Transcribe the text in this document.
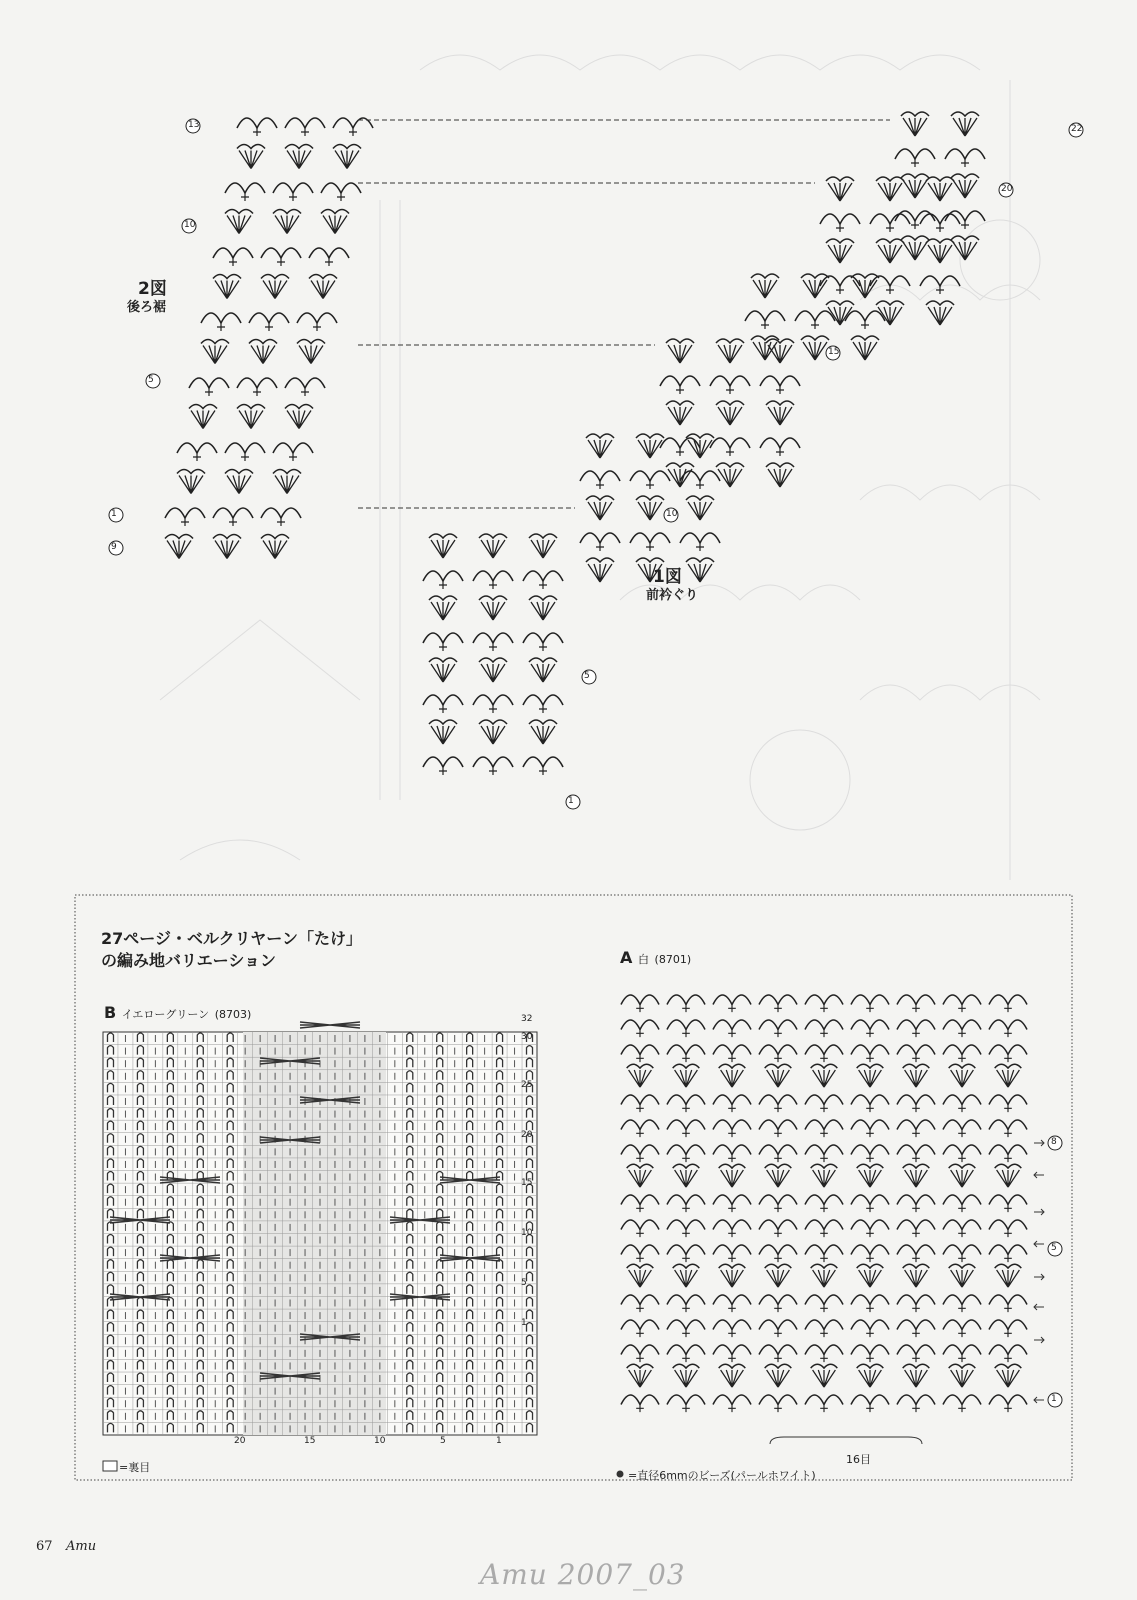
2図
後ろ裾
1図
前衿ぐり
27ページ・ベルクリヤーン「たけ」
の編み地バリエーション
B イエローグリーン (8703)
=裏目
A 白 (8701)
16目
=直径6mmのビーズ(パールホワイト)
67 Amu
Amu 2007_03
13
10
5
1
9
22
20
15
10
5
1
32
30
25
20
15
10
5
1
20	15	10	5	1
8
5
1
